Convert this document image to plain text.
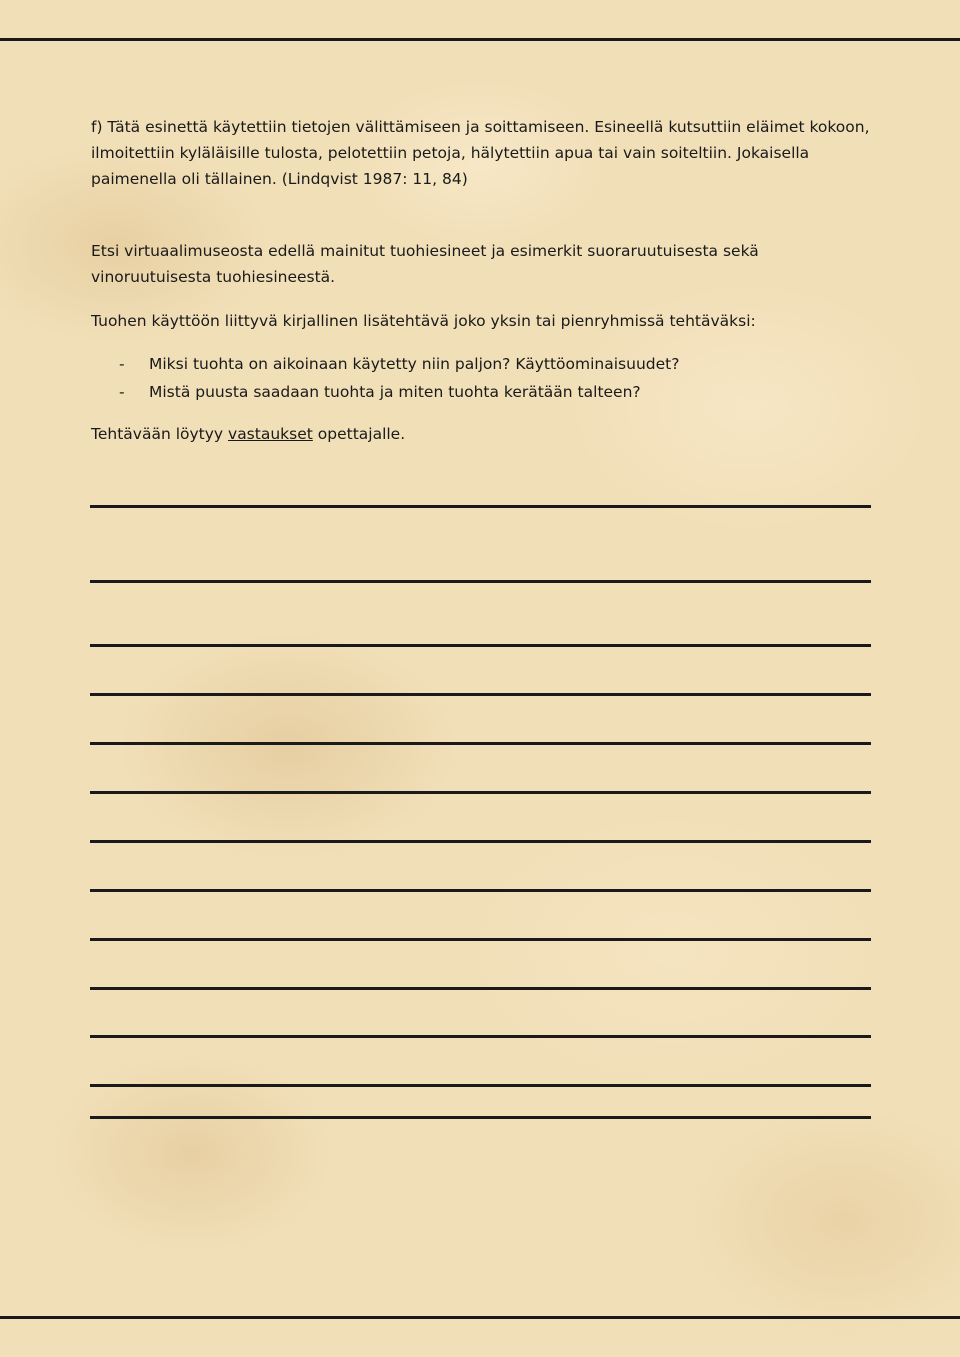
f) Tätä esinettä käytettiin tietojen välittämiseen ja soittamiseen. Esineellä kutsuttiin eläimet kokoon, ilmoitettiin kyläläisille tulosta, pelotettiin petoja, hälytettiin apua tai vain soiteltiin. Jokaisella paimenella oli tällainen. (Lindqvist 1987: 11, 84)

Etsi virtuaalimuseosta edellä mainitut tuohiesineet ja esimerkit suoraruutuisesta sekä vinoruutuisesta tuohiesineestä.

Tuohen käyttöön liittyvä kirjallinen lisätehtävä joko yksin tai pienryhmissä tehtäväksi:

-	Miksi tuohta on aikoinaan käytetty niin paljon? Käyttöominaisuudet?
-	Mistä puusta saadaan tuohta ja miten tuohta kerätään talteen?

Tehtävään löytyy vastaukset opettajalle.
